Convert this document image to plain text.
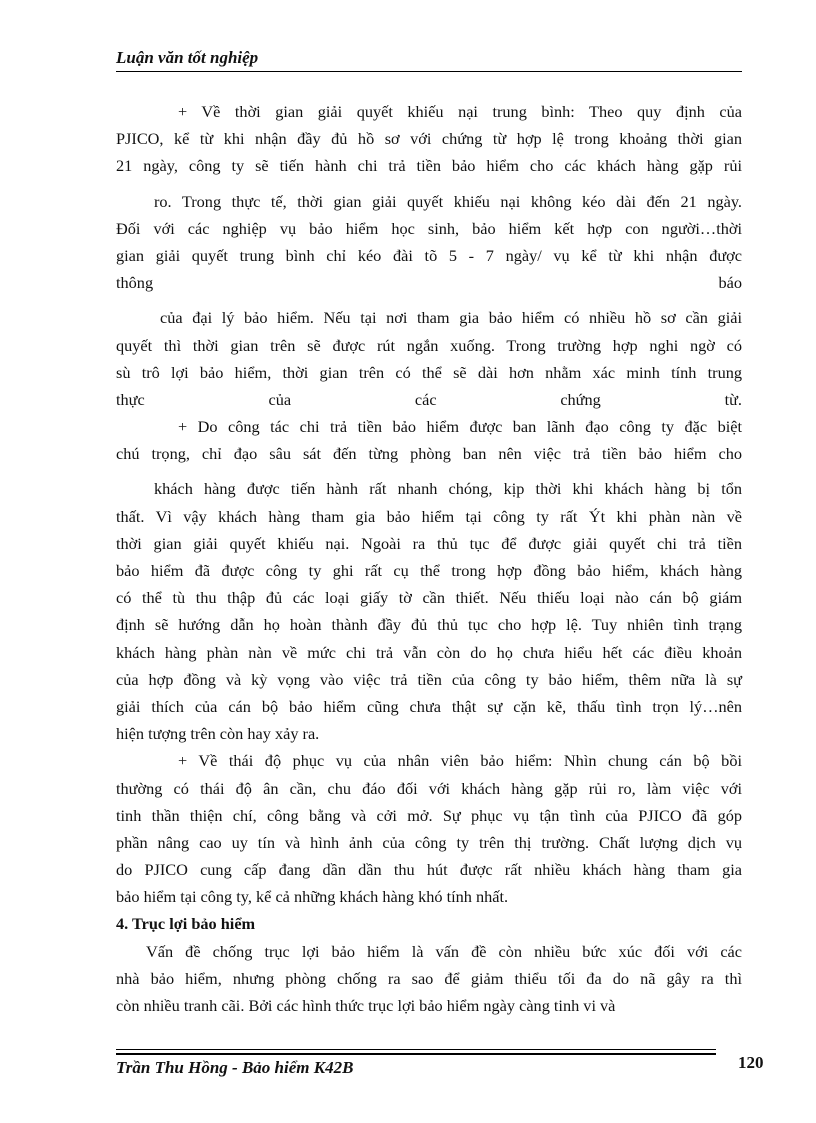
Luận văn tốt nghiệp
+ Về thời gian giải quyết khiếu nại trung bình: Theo quy định của
PJICO, kể từ khi nhận đầy đủ hồ sơ với chứng từ hợp lệ trong khoảng thời gian
21 ngày, công ty sẽ tiến hành chi trả tiền bảo hiểm cho các khách hàng gặp rủi
ro. Trong thực tế, thời gian giải quyết khiếu nại không kéo dài đến 21 ngày.
Đối với các nghiệp vụ bảo hiểm học sinh, bảo hiểm kết hợp con người…thời
gian giải quyết trung bình chỉ kéo đài tõ 5 - 7 ngày/ vụ kể từ khi nhận được
thông báo
của đại lý bảo hiểm. Nếu tại nơi tham gia bảo hiểm có nhiều hồ sơ cần giải
quyết thì thời gian trên sẽ được rút ngắn xuống. Trong trường hợp nghi ngờ có
sù trô lợi bảo hiểm, thời gian trên có thể sẽ dài hơn nhằm xác minh tính trung
thực của các chứng từ.
+ Do công tác chi trả tiền bảo hiểm được ban lãnh đạo công ty đặc biệt
chú trọng, chỉ đạo sâu sát đến từng phòng ban nên việc trả tiền bảo hiểm cho
khách hàng được tiến hành rất nhanh chóng, kịp thời khi khách hàng bị tổn
thất. Vì vậy khách hàng tham gia bảo hiểm tại công ty rất Ýt khi phàn nàn về
thời gian giải quyết khiếu nại. Ngoài ra thủ tục để được giải quyết chi trả tiền
bảo hiểm đã được công ty ghi rất cụ thể trong hợp đồng bảo hiểm, khách hàng
có thể tù thu thập đủ các loại giấy tờ cần thiết. Nếu thiếu loại nào cán bộ giám
định sẽ hướng dẫn họ hoàn thành đầy đủ thủ tục cho hợp lệ. Tuy nhiên tình trạng
khách hàng phàn nàn về mức chi trả vẫn còn do họ chưa hiểu hết các điều khoản
của hợp đồng và kỳ vọng vào việc trả tiền của công ty bảo hiểm, thêm nữa là sự
giải thích của cán bộ bảo hiểm cũng chưa thật sự cặn kẽ, thấu tình trọn lý…nên
hiện tượng trên còn hay xảy ra.
+ Về thái độ phục vụ của nhân viên bảo hiểm: Nhìn chung cán bộ bồi
thường có thái độ ân cần, chu đáo đối với khách hàng gặp rủi ro, làm việc với
tinh thần thiện chí, công bằng và cởi mở. Sự phục vụ tận tình của PJICO đã góp
phần nâng cao uy tín và hình ảnh của công ty trên thị trường. Chất lượng dịch vụ
do PJICO cung cấp đang dần dần thu hút được rất nhiều khách hàng tham gia
bảo hiểm tại công ty, kể cả những khách hàng khó tính nhất.
4. Trục lợi bảo hiểm
Vấn đề chống trục lợi bảo hiểm là vấn đề còn nhiều bức xúc đối với các
nhà bảo hiểm, nhưng phòng chống ra sao để giảm thiểu tối đa do nã gây ra thì
còn nhiều tranh cãi. Bởi các hình thức trục lợi bảo hiểm ngày càng tinh vi và
Trần Thu Hồng - Bảo hiểm K42B	120
